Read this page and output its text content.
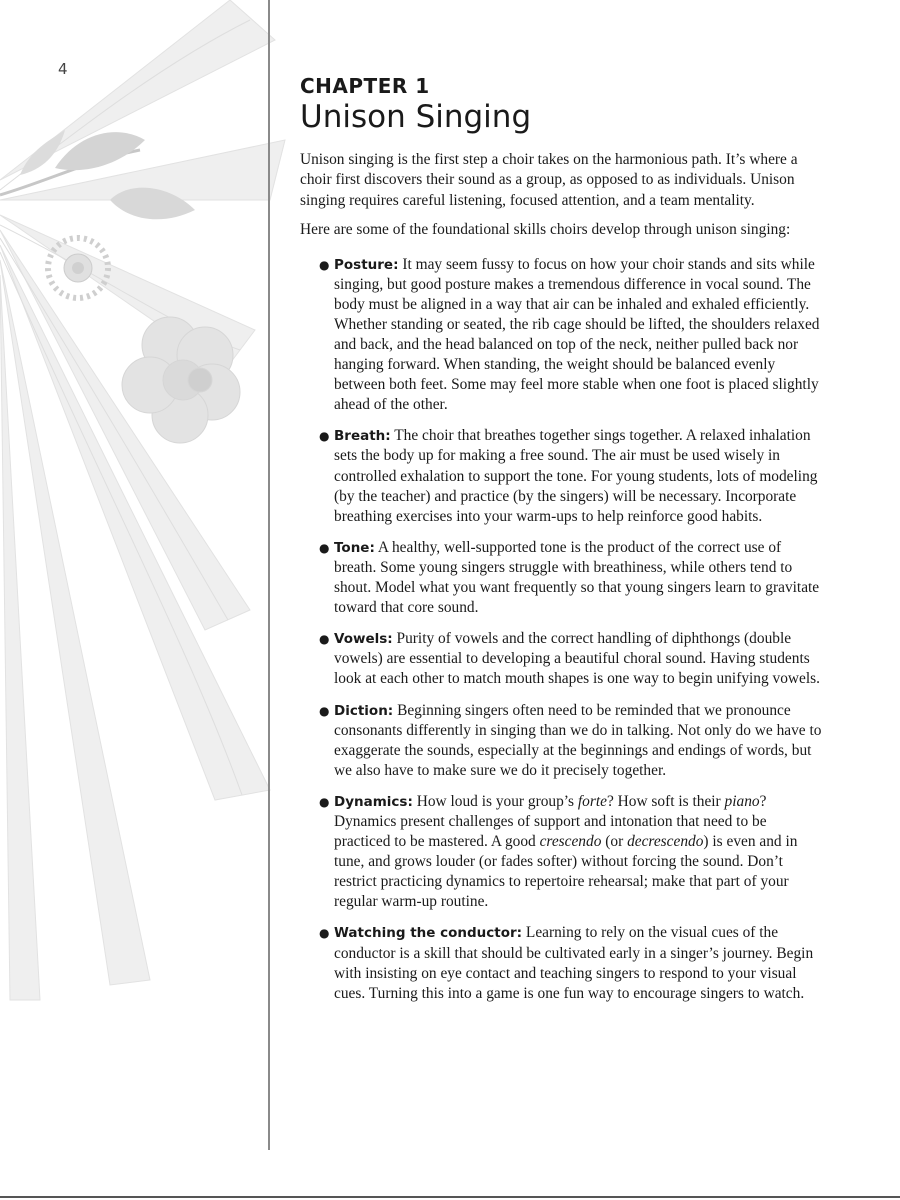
4
CHAPTER 1
Unison Singing

Unison singing is the first step a choir takes on the harmonious path. It’s where a choir first discovers their sound as a group, as opposed to as individuals. Unison singing requires careful listening, focused attention, and a team mentality.

Here are some of the foundational skills choirs develop through unison singing:

● Posture: It may seem fussy to focus on how your choir stands and sits while singing, but good posture makes a tremendous difference in vocal sound. The body must be aligned in a way that air can be inhaled and exhaled efficiently. Whether standing or seated, the rib cage should be lifted, the shoulders relaxed and back, and the head balanced on top of the neck, neither pulled back nor hanging forward. When standing, the weight should be balanced evenly between both feet. Some may feel more stable when one foot is placed slightly ahead of the other.
● Breath: The choir that breathes together sings together. A relaxed inhalation sets the body up for making a free sound. The air must be used wisely in controlled exhalation to support the tone. For young students, lots of modeling (by the teacher) and practice (by the singers) will be necessary. Incorporate breathing exercises into your warm-ups to help reinforce good habits.
● Tone: A healthy, well-supported tone is the product of the correct use of breath. Some young singers struggle with breathiness, while others tend to shout. Model what you want frequently so that young singers learn to gravitate toward that core sound.
● Vowels: Purity of vowels and the correct handling of diphthongs (double vowels) are essential to developing a beautiful choral sound. Having students look at each other to match mouth shapes is one way to begin unifying vowels.
● Diction: Beginning singers often need to be reminded that we pronounce consonants differently in singing than we do in talking. Not only do we have to exaggerate the sounds, especially at the beginnings and endings of words, but we also have to make sure we do it precisely together.
● Dynamics: How loud is your group’s forte? How soft is their piano? Dynamics present challenges of support and intonation that need to be practiced to be mastered. A good crescendo (or decrescendo) is even and in tune, and grows louder (or fades softer) without forcing the sound. Don’t restrict practicing dynamics to repertoire rehearsal; make that part of your regular warm-up routine.
● Watching the conductor: Learning to rely on the visual cues of the conductor is a skill that should be cultivated early in a singer’s journey. Begin with insisting on eye contact and teaching singers to respond to your visual cues. Turning this into a game is one fun way to encourage singers to watch.
